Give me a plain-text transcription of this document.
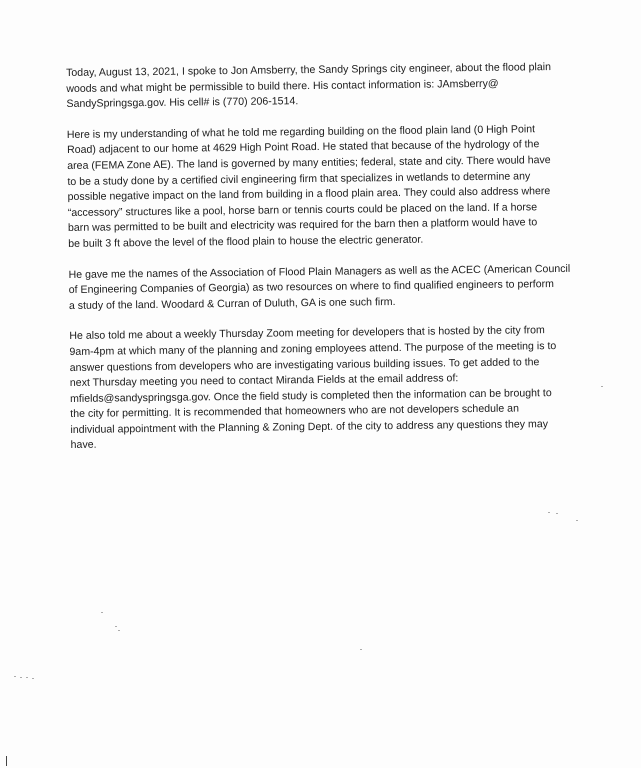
Today, August 13, 2021, I spoke to Jon Amsberry, the Sandy Springs city engineer, about the flood plain
woods and what might be permissible to build there. His contact information is: JAmsberry@
SandySpringsga.gov. His cell# is (770) 206-1514.

Here is my understanding of what he told me regarding building on the flood plain land (0 High Point
Road) adjacent to our home at 4629 High Point Road. He stated that because of the hydrology of the
area (FEMA Zone AE). The land is governed by many entities; federal, state and city. There would have
to be a study done by a certified civil engineering firm that specializes in wetlands to determine any
possible negative impact on the land from building in a flood plain area. They could also address where
“accessory” structures like a pool, horse barn or tennis courts could be placed on the land. If a horse
barn was permitted to be built and electricity was required for the barn then a platform would have to
be built 3 ft above the level of the flood plain to house the electric generator.

He gave me the names of the Association of Flood Plain Managers as well as the ACEC (American Council
of Engineering Companies of Georgia) as two resources on where to find qualified engineers to perform
a study of the land. Woodard & Curran of Duluth, GA is one such firm.

He also told me about a weekly Thursday Zoom meeting for developers that is hosted by the city from
9am-4pm at which many of the planning and zoning employees attend. The purpose of the meeting is to
answer questions from developers who are investigating various building issues. To get added to the
next Thursday meeting you need to contact Miranda Fields at the email address of:
mfields@sandyspringsga.gov. Once the field study is completed then the information can be brought to
the city for permitting. It is recommended that homeowners who are not developers schedule an
individual appointment with the Planning & Zoning Dept. of the city to address any questions they may
have.
